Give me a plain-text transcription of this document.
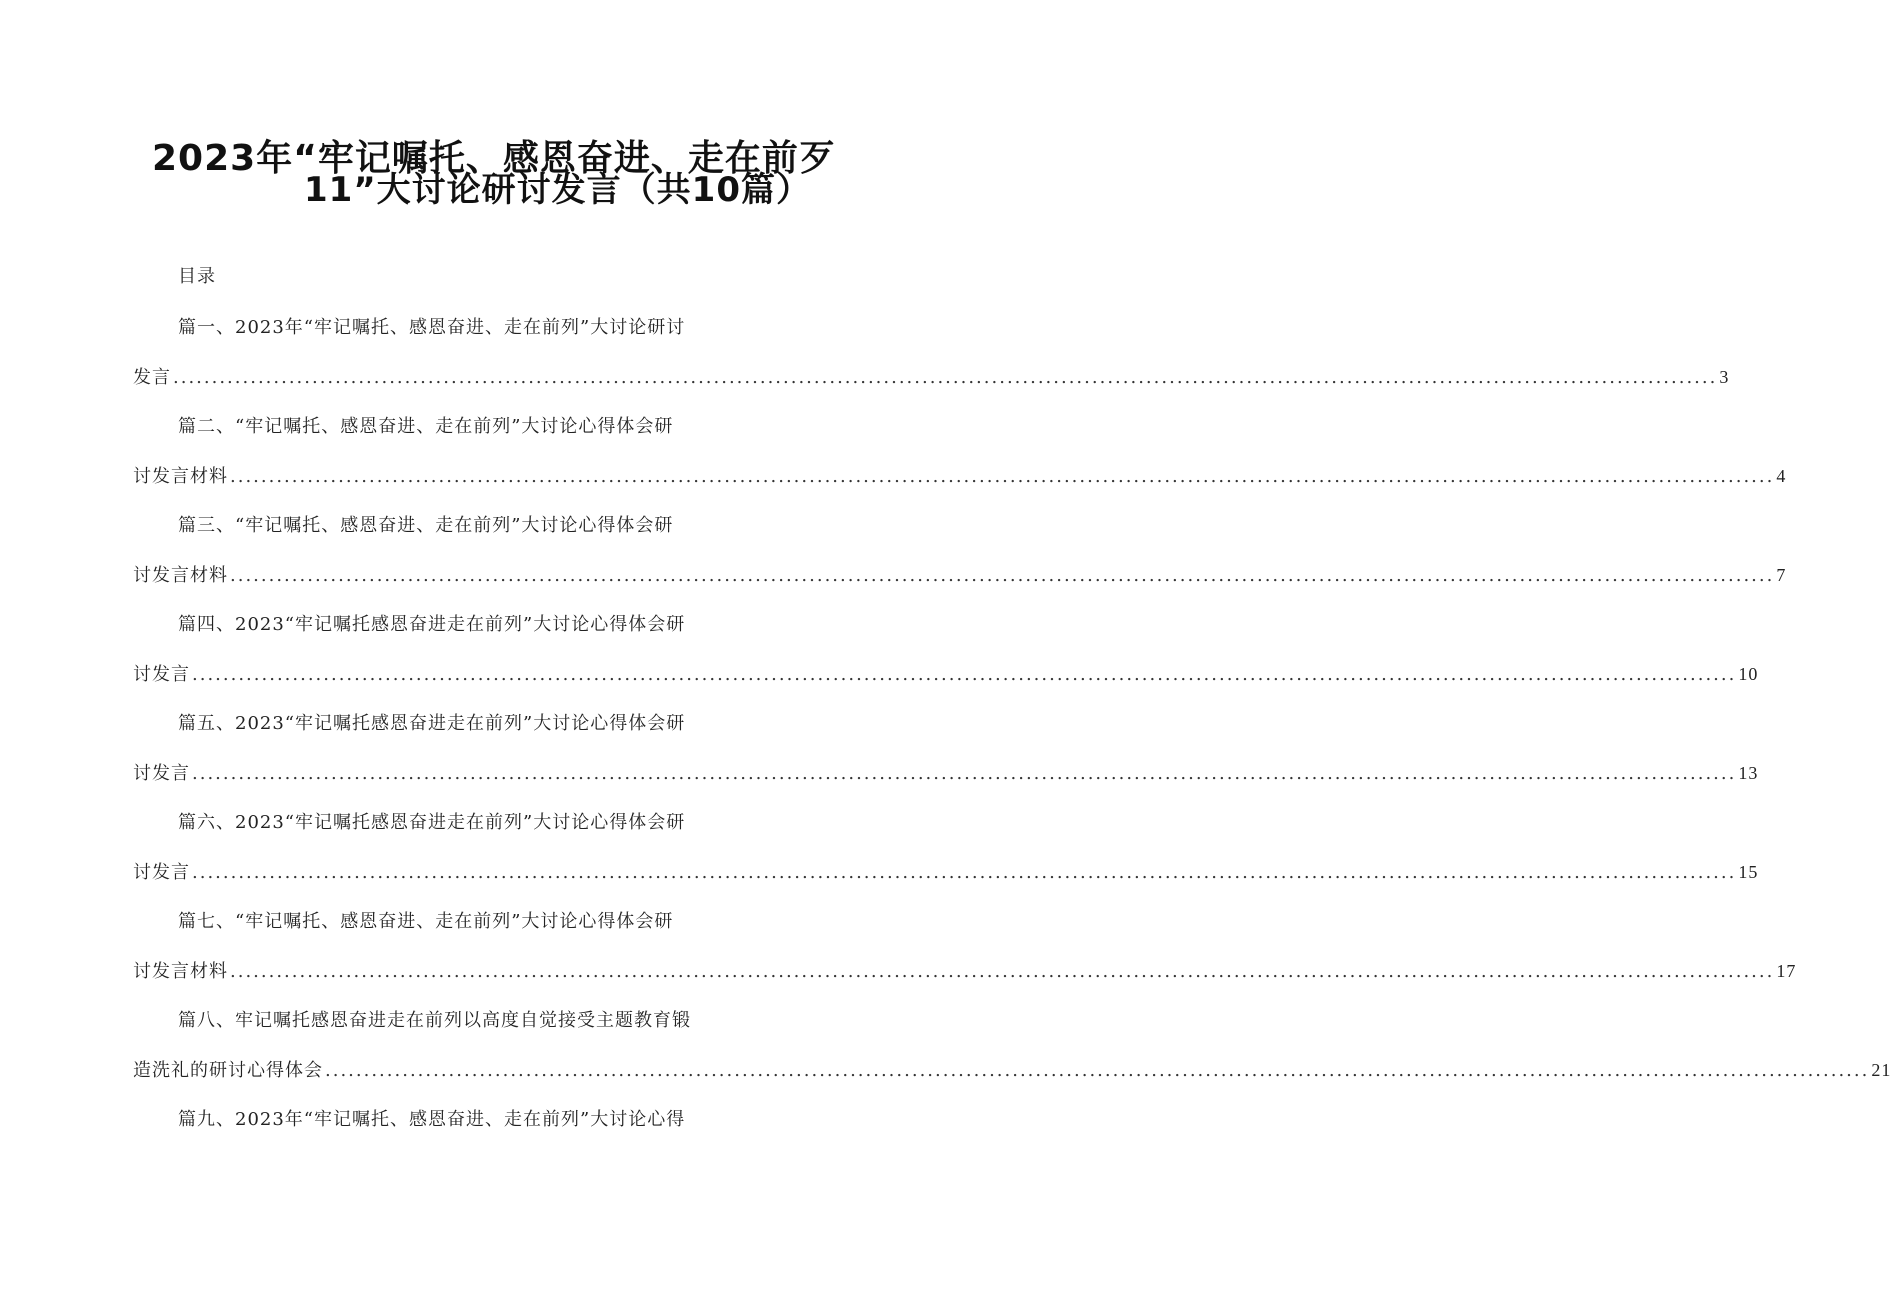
2023年“牢记嘱托、感恩奋进、走在前歹
11”大讨论研讨发言（共10篇）
目录
篇一、2023年“牢记嘱托、感恩奋进、走在前列”大讨论研讨
发言 ........................................................................................................................................................................................................ 3
篇二、“牢记嘱托、感恩奋进、走在前列”大讨论心得体会研
讨发言材料 ........................................................................................................................................................................................................ 4
篇三、“牢记嘱托、感恩奋进、走在前列”大讨论心得体会研
讨发言材料 ........................................................................................................................................................................................................ 7
篇四、2023“牢记嘱托感恩奋进走在前列”大讨论心得体会研
讨发言 ........................................................................................................................................................................................................ 10
篇五、2023“牢记嘱托感恩奋进走在前列”大讨论心得体会研
讨发言 ........................................................................................................................................................................................................ 13
篇六、2023“牢记嘱托感恩奋进走在前列”大讨论心得体会研
讨发言 ........................................................................................................................................................................................................ 15
篇七、“牢记嘱托、感恩奋进、走在前列”大讨论心得体会研
讨发言材料 ........................................................................................................................................................................................................ 17
篇八、牢记嘱托感恩奋进走在前列以高度自觉接受主题教育锻
造洗礼的研讨心得体会 ........................................................................................................................................................................................................ 21
篇九、2023年“牢记嘱托、感恩奋进、走在前列”大讨论心得
